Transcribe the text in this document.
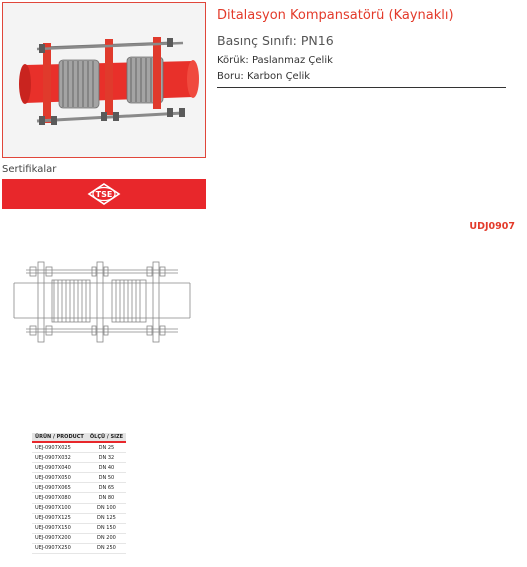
Sertifikalar
TSE
Ditalasyon Kompansatörü (Kaynaklı)
Basınç Sınıfı: PN16
Körük: Paslanmaz Çelik
Boru: Karbon Çelik
UDJ0907
ÜRÜN / PRODUCT	ÖLÇÜ / SIZE
UEJ-0907X025	DN 25
UEJ-0907X032	DN 32
UEJ-0907X040	DN 40
UEJ-0907X050	DN 50
UEJ-0907X065	DN 65
UEJ-0907X080	DN 80
UEJ-0907X100	DN 100
UEJ-0907X125	DN 125
UEJ-0907X150	DN 150
UEJ-0907X200	DN 200
UEJ-0907X250	DN 250
